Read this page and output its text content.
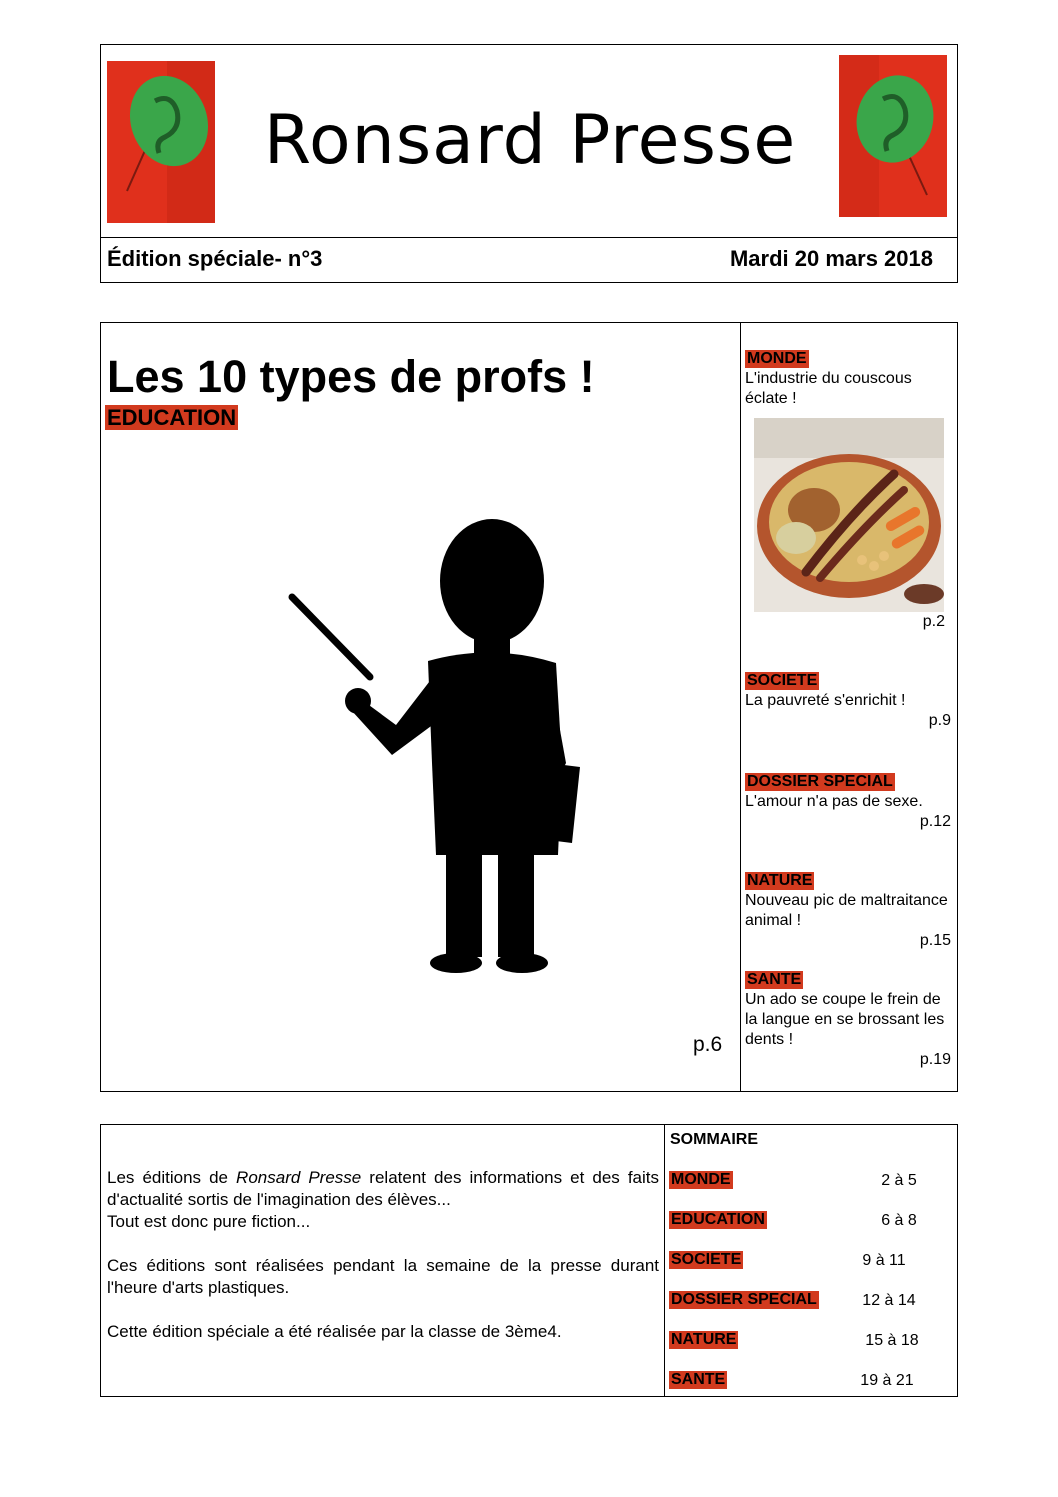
Ronsard Presse
Édition spéciale- n°3	Mardi 20 mars 2018
Les 10 types de profs !
EDUCATION
p.6
MONDE
L'industrie du couscous éclate !
p.2
SOCIETE
La pauvreté s'enrichit !
p.9
DOSSIER SPECIAL
L'amour n'a pas de sexe.
p.12
NATURE
Nouveau pic de maltraitance animal !
p.15
SANTE
Un ado se coupe le frein de la langue en se brossant les dents !
p.19

Les éditions de Ronsard Presse relatent des informations et des faits d'actualité sortis de l'imagination des élèves...
Tout est donc pure fiction...

Ces éditions sont réalisées pendant la semaine de la presse durant l'heure d'arts plastiques.

Cette édition spéciale a été réalisée par la classe de 3ème4.

SOMMAIRE
MONDE	2 à 5
EDUCATION	6 à 8
SOCIETE	9 à 11
DOSSIER SPECIAL	12 à 14
NATURE	15 à 18
SANTE	19 à 21
